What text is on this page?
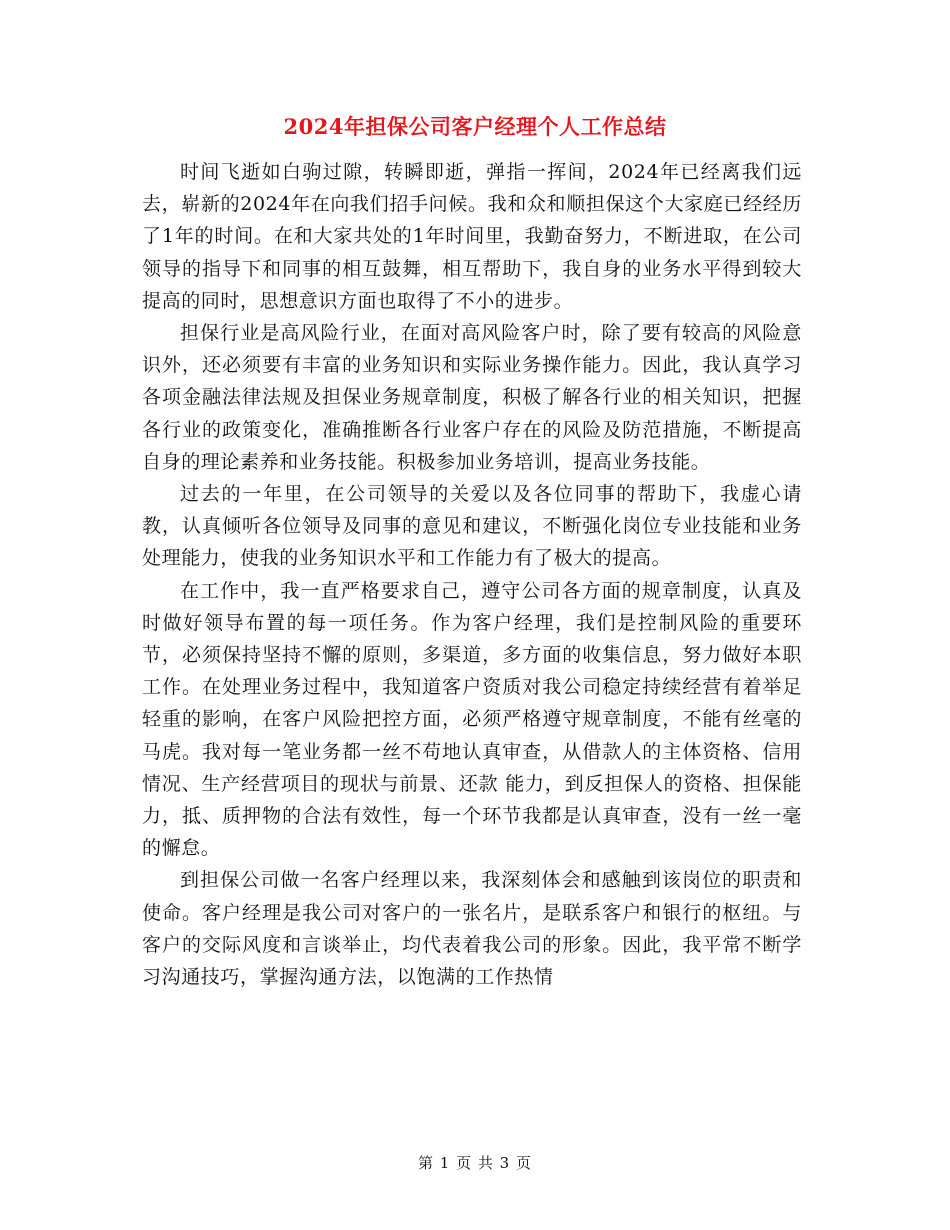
2024年担保公司客户经理个人工作总结

时间飞逝如白驹过隙，转瞬即逝，弹指一挥间，2024年已经离我们远去，崭新的2024年在向我们招手问候。我和众和顺担保这个大家庭已经经历了1年的时间。在和大家共处的1年时间里，我勤奋努力，不断进取，在公司领导的指导下和同事的相互鼓舞，相互帮助下，我自身的业务水平得到较大提高的同时，思想意识方面也取得了不小的进步。

担保行业是高风险行业，在面对高风险客户时，除了要有较高的风险意识外，还必须要有丰富的业务知识和实际业务操作能力。因此，我认真学习各项金融法律法规及担保业务规章制度，积极了解各行业的相关知识，把握各行业的政策变化，准确推断各行业客户存在的风险及防范措施，不断提高自身的理论素养和业务技能。积极参加业务培训，提高业务技能。

过去的一年里，在公司领导的关爱以及各位同事的帮助下，我虚心请教，认真倾听各位领导及同事的意见和建议，不断强化岗位专业技能和业务处理能力，使我的业务知识水平和工作能力有了极大的提高。

在工作中，我一直严格要求自己，遵守公司各方面的规章制度，认真及时做好领导布置的每一项任务。作为客户经理，我们是控制风险的重要环节，必须保持坚持不懈的原则，多渠道，多方面的收集信息，努力做好本职工作。在处理业务过程中，我知道客户资质对我公司稳定持续经营有着举足轻重的影响，在客户风险把控方面，必须严格遵守规章制度，不能有丝毫的马虎。我对每一笔业务都一丝不苟地认真审查，从借款人的主体资格、信用情况、生产经营项目的现状与前景、还款 能力，到反担保人的资格、担保能力，抵、质押物的合法有效性，每一个环节我都是认真审查，没有一丝一毫的懈怠。

到担保公司做一名客户经理以来，我深刻体会和感触到该岗位的职责和使命。客户经理是我公司对客户的一张名片，是联系客户和银行的枢纽。与客户的交际风度和言谈举止，均代表着我公司的形象。因此，我平常不断学习沟通技巧，掌握沟通方法，以饱满的工作热情

第 1 页 共 3 页
